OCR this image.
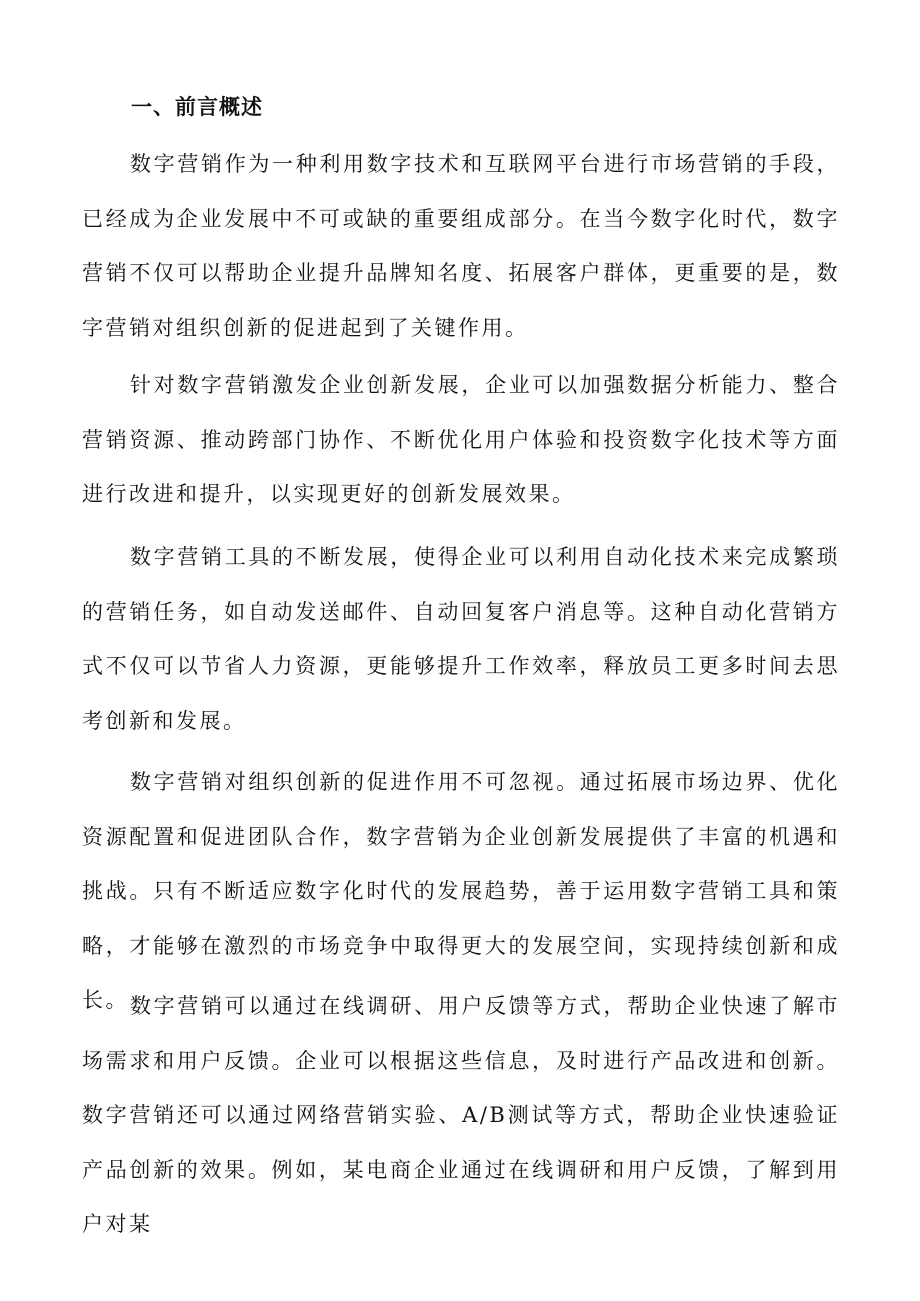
一、前言概述

数字营销作为一种利用数字技术和互联网平台进行市场营销的手段，已经成为企业发展中不可或缺的重要组成部分。在当今数字化时代，数字营销不仅可以帮助企业提升品牌知名度、拓展客户群体，更重要的是，数字营销对组织创新的促进起到了关键作用。

针对数字营销激发企业创新发展，企业可以加强数据分析能力、整合营销资源、推动跨部门协作、不断优化用户体验和投资数字化技术等方面进行改进和提升，以实现更好的创新发展效果。

数字营销工具的不断发展，使得企业可以利用自动化技术来完成繁琐的营销任务，如自动发送邮件、自动回复客户消息等。这种自动化营销方式不仅可以节省人力资源，更能够提升工作效率，释放员工更多时间去思考创新和发展。

数字营销对组织创新的促进作用不可忽视。通过拓展市场边界、优化资源配置和促进团队合作，数字营销为企业创新发展提供了丰富的机遇和挑战。只有不断适应数字化时代的发展趋势，善于运用数字营销工具和策略，才能够在激烈的市场竞争中取得更大的发展空间，实现持续创新和成长。 数字营销可以通过在线调研、用户反馈等方式，帮助企业快速了解市场需求和用户反馈。企业可以根据这些信息，及时进行产品改进和创新。数字营销还可以通过网络营销实验、A/B测试等方式，帮助企业快速验证产品创新的效果。例如，某电商企业通过在线调研和用户反馈，了解到用户对某
